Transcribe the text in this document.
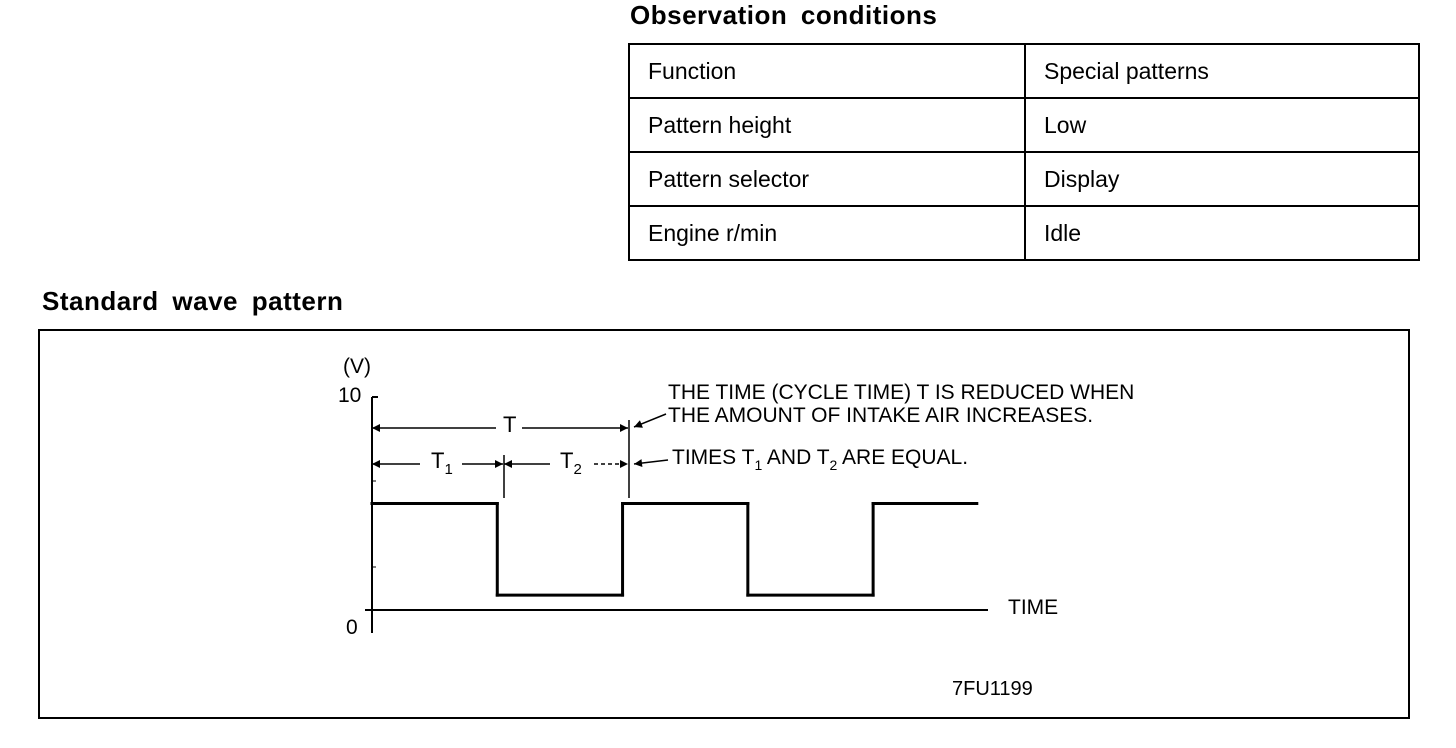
Observation conditions
Function	Special patterns
Pattern height	Low
Pattern selector	Display
Engine r/min	Idle
Standard wave pattern
(V)
10
0
TIME
T
$T_1$	$T_2$
THE TIME (CYCLE TIME) T IS REDUCED WHEN
THE AMOUNT OF INTAKE AIR INCREASES.
TIMES $T_1$ AND $T_2$ ARE EQUAL.
7FU1199
